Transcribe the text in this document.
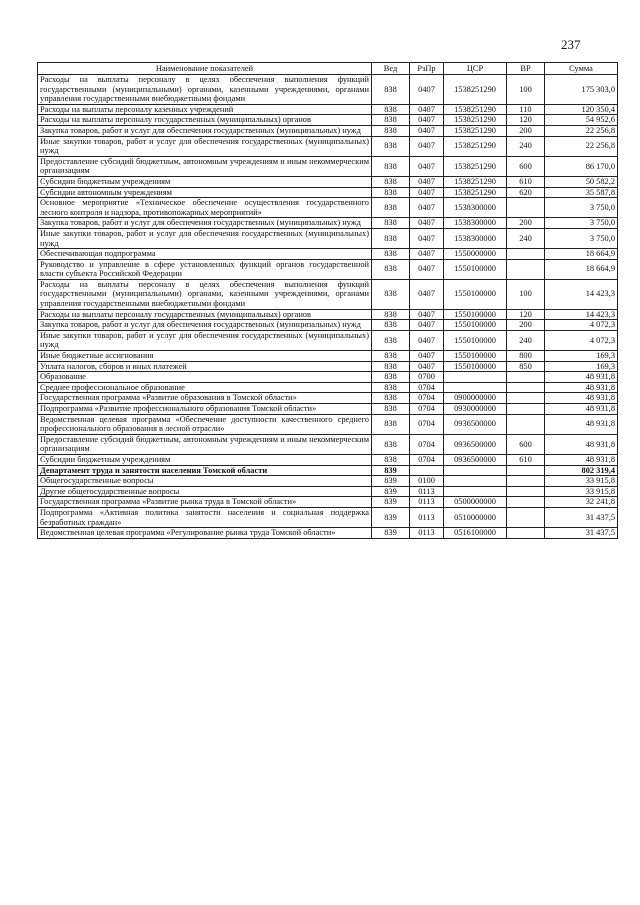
237
Наименование показателей	Вед	РзПр	ЦСР	ВР	Сумма
Расходы на выплаты персоналу в целях обеспечения выполнения функций государственными (муниципальными) органами, казенными учреждениями, органами управления государственными внебюджетными фондами	838	0407	1538251290	100	175 303,0
Расходы на выплаты персоналу казенных учреждений	838	0407	1538251290	110	120 350,4
Расходы на выплаты персоналу государственных (муниципальных) органов	838	0407	1538251290	120	54 952,6
Закупка товаров, работ и услуг для обеспечения государственных (муниципальных) нужд	838	0407	1538251290	200	22 256,8
Иные закупки товаров, работ и услуг для обеспечения государственных (муниципальных) нужд	838	0407	1538251290	240	22 256,8
Предоставление субсидий бюджетным, автономным учреждениям и иным некоммерческим организациям	838	0407	1538251290	600	86 170,0
Субсидии бюджетным учреждениям	838	0407	1538251290	610	50 582,2
Субсидии автономным учреждениям	838	0407	1538251290	620	35 587,8
Основное мероприятие «Техническое обеспечение осуществления государственного лесного контроля и надзора, противопожарных мероприятий»	838	0407	1538300000		3 750,0
Закупка товаров, работ и услуг для обеспечения государственных (муниципальных) нужд	838	0407	1538300000	200	3 750,0
Иные закупки товаров, работ и услуг для обеспечения государственных (муниципальных) нужд	838	0407	1538300000	240	3 750,0
Обеспечивающая подпрограмма	838	0407	1550000000		18 664,9
Руководство и управление в сфере установленных функций органов государственной власти субъекта Российской Федерации	838	0407	1550100000		18 664,9
Расходы на выплаты персоналу в целях обеспечения выполнения функций государственными (муниципальными) органами, казенными учреждениями, органами управления государственными внебюджетными фондами	838	0407	1550100000	100	14 423,3
Расходы на выплаты персоналу государственных (муниципальных) органов	838	0407	1550100000	120	14 423,3
Закупка товаров, работ и услуг для обеспечения государственных (муниципальных) нужд	838	0407	1550100000	200	4 072,3
Иные закупки товаров, работ и услуг для обеспечения государственных (муниципальных) нужд	838	0407	1550100000	240	4 072,3
Иные бюджетные ассигнования	838	0407	1550100000	800	169,3
Уплата налогов, сборов и иных платежей	838	0407	1550100000	850	169,3
Образование	838	0700			48 931,8
Среднее профессиональное образование	838	0704			48 931,8
Государственная программа «Развитие образования в Томской области»	838	0704	0900000000		48 931,8
Подпрограмма «Развитие профессионального образования Томской области»	838	0704	0930000000		48 931,8
Ведомственная целевая программа «Обеспечение доступности качественного среднего профессионального образования в лесной отрасли»	838	0704	0936500000		48 931,8
Предоставление субсидий бюджетным, автономным учреждениям и иным некоммерческим организациям	838	0704	0936500000	600	48 931,8
Субсидии бюджетным учреждениям	838	0704	0936500000	610	48 931,8
Департамент труда и занятости населения Томской области	839				802 319,4
Общегосударственные вопросы	839	0100			33 915,8
Другие общегосударственные вопросы	839	0113			33 915,8
Государственная программа «Развитие рынка труда в Томской области»	839	0113	0500000000		32 241,8
Подпрограмма «Активная политика занятости населения и социальная поддержка безработных граждан»	839	0113	0510000000		31 437,5
Ведомственная целевая программа «Регулирование рынка труда Томской области»	839	0113	0516100000		31 437,5
